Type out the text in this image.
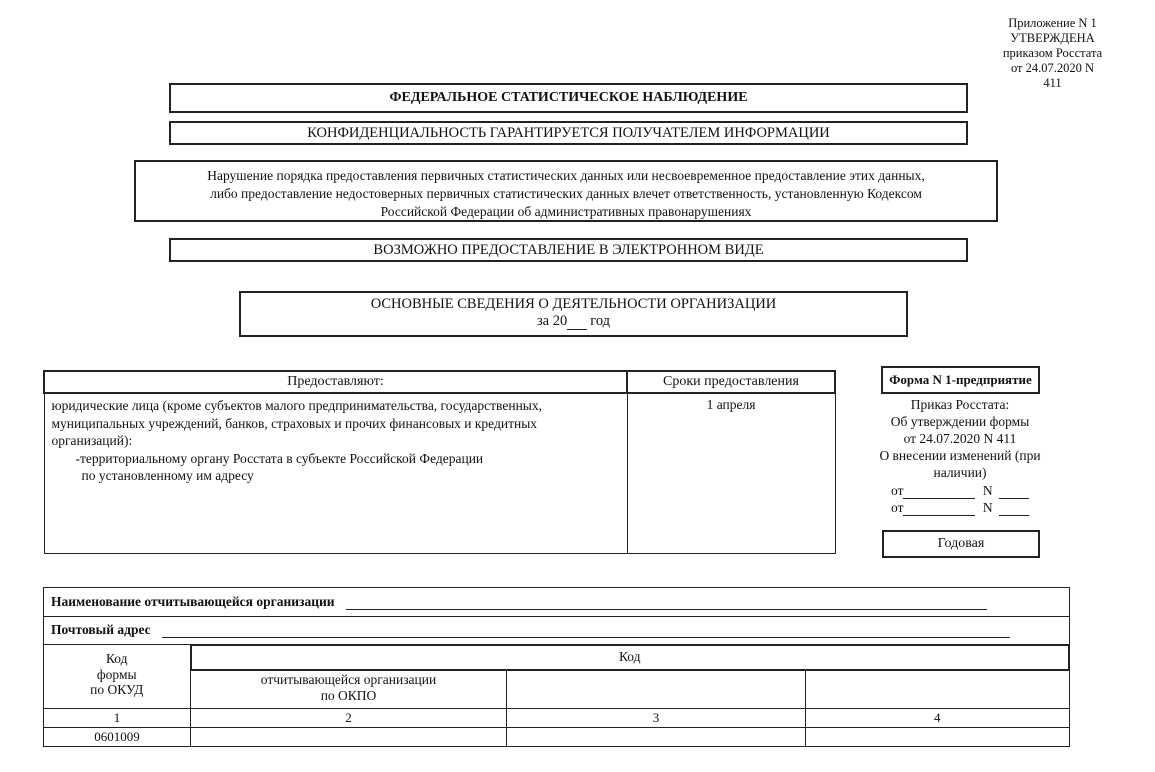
Приложение N 1
УТВЕРЖДЕНА
приказом Росстата
от 24.07.2020 N
411
ФЕДЕРАЛЬНОЕ СТАТИСТИЧЕСКОЕ НАБЛЮДЕНИЕ
КОНФИДЕНЦИАЛЬНОСТЬ ГАРАНТИРУЕТСЯ ПОЛУЧАТЕЛЕМ ИНФОРМАЦИИ
Нарушение порядка предоставления первичных статистических данных или несвоевременное предоставление этих данных,
либо предоставление недостоверных первичных статистических данных влечет ответственность, установленную Кодексом
Российской Федерации об административных правонарушениях
ВОЗМОЖНО ПРЕДОСТАВЛЕНИЕ В ЭЛЕКТРОННОМ ВИДЕ
ОСНОВНЫЕ СВЕДЕНИЯ О ДЕЯТЕЛЬНОСТИ ОРГАНИЗАЦИИ
за 20 год
Предоставляют:	Сроки предоставления

юридические лица (кроме субъектов малого предпринимательства, государственных,
муниципальных учреждений, банков, страховых и прочих финансовых и кредитных
организаций):
-территориальному органу Росстата в субъекте Российской Федерации
по установленному им адресу	1 апреля
Форма N 1-предприятие
Приказ Росстата:
Об утверждении формы
от 24.07.2020 N 411
О внесении изменений (при
наличии)
от	N
от	N
Годовая
Наименование отчитывающейся организации			
Почтовый адрес			

Код
формы
по ОКУД	Код		

	отчитывающейся организации
по ОКПО		

1	2	3	4
0601009			
